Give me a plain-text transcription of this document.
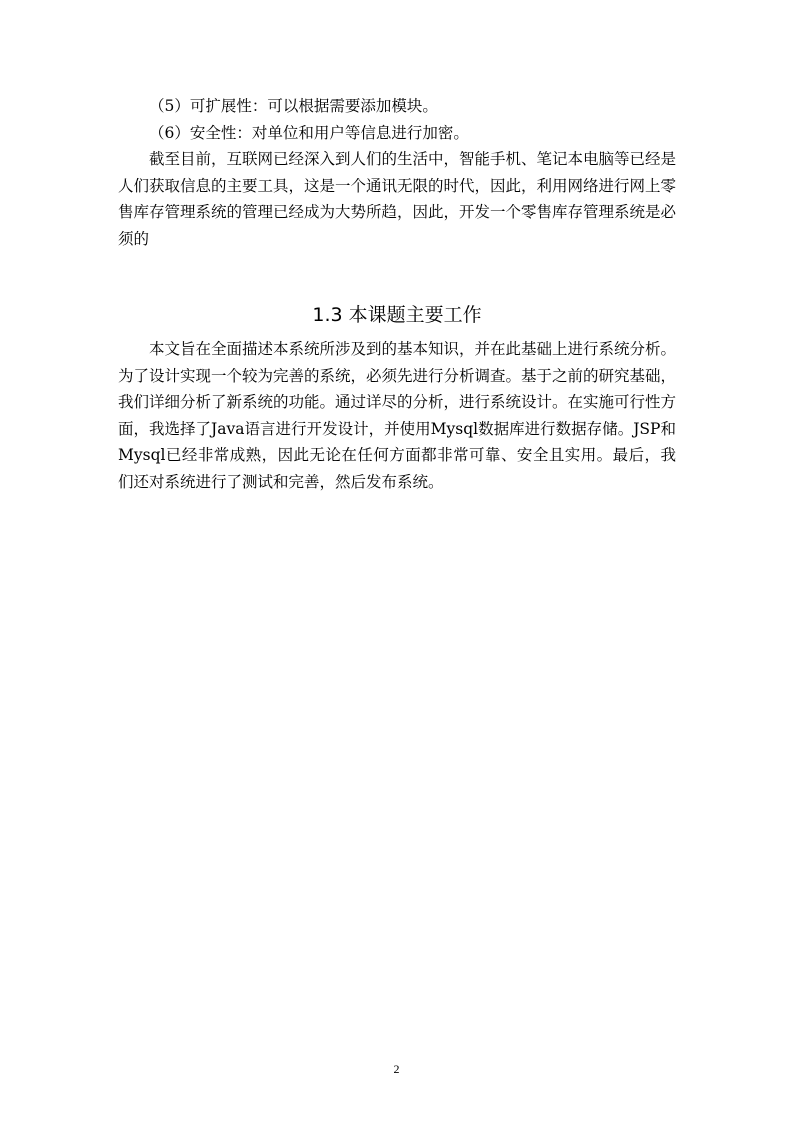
（5）可扩展性：可以根据需要添加模块。

（6）安全性：对单位和用户等信息进行加密。

截至目前，互联网已经深入到人们的生活中，智能手机、笔记本电脑等已经是人们获取信息的主要工具，这是一个通讯无限的时代，因此，利用网络进行网上零售库存管理系统的管理已经成为大势所趋，因此，开发一个零售库存管理系统是必须的

1.3 本课题主要工作

本文旨在全面描述本系统所涉及到的基本知识，并在此基础上进行系统分析。为了设计实现一个较为完善的系统，必须先进行分析调查。基于之前的研究基础，我们详细分析了新系统的功能。通过详尽的分析，进行系统设计。在实施可行性方面，我选择了Java语言进行开发设计，并使用Mysql数据库进行数据存储。JSP和Mysql已经非常成熟，因此无论在任何方面都非常可靠、安全且实用。最后，我们还对系统进行了测试和完善，然后发布系统。

2
